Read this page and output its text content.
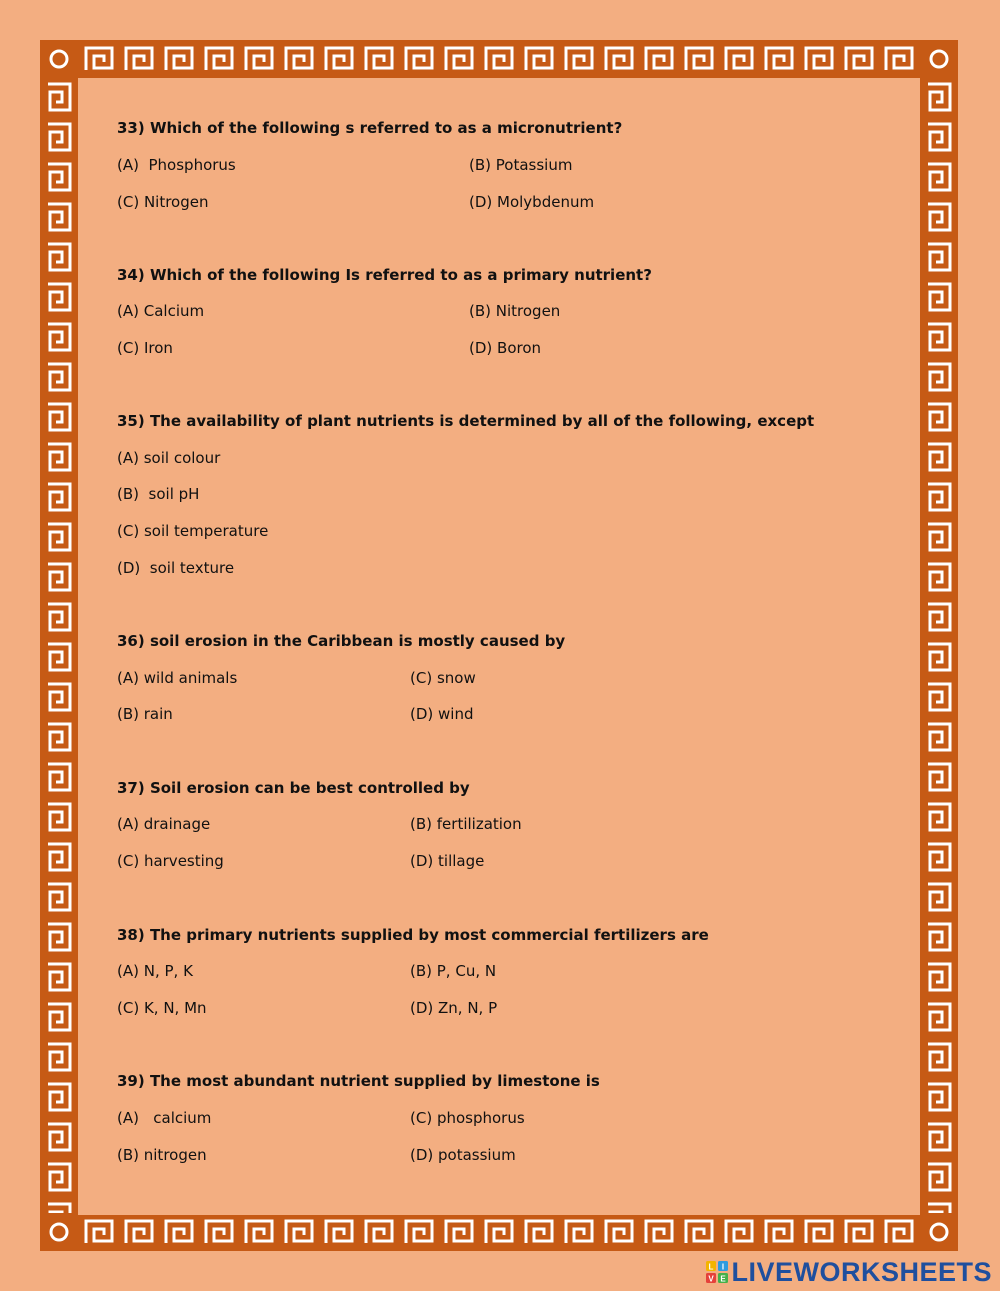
33) Which of the following s referred to as a micronutrient?

(A)  Phosphorus	(B) Potassium
(C) Nitrogen	(D) Molybdenum

34) Which of the following Is referred to as a primary nutrient?

(A) Calcium	(B) Nitrogen
(C) Iron	(D) Boron

35) The availability of plant nutrients is determined by all of the following, except

(A) soil colour
(B)  soil pH
(C) soil temperature
(D)  soil texture

36) soil erosion in the Caribbean is mostly caused by

(A) wild animals	(C) snow
(B) rain	(D) wind

37) Soil erosion can be best controlled by

(A) drainage	(B) fertilization
(C) harvesting	(D) tillage

38) The primary nutrients supplied by most commercial fertilizers are

(A) N, P, K	(B) P, Cu, N
(C) K, N, Mn	(D) Zn, N, P

39) The most abundant nutrient supplied by limestone is

(A)   calcium	(C) phosphorus
(B) nitrogen	(D) potassium
L I
V E LIVEWORKSHEETS
